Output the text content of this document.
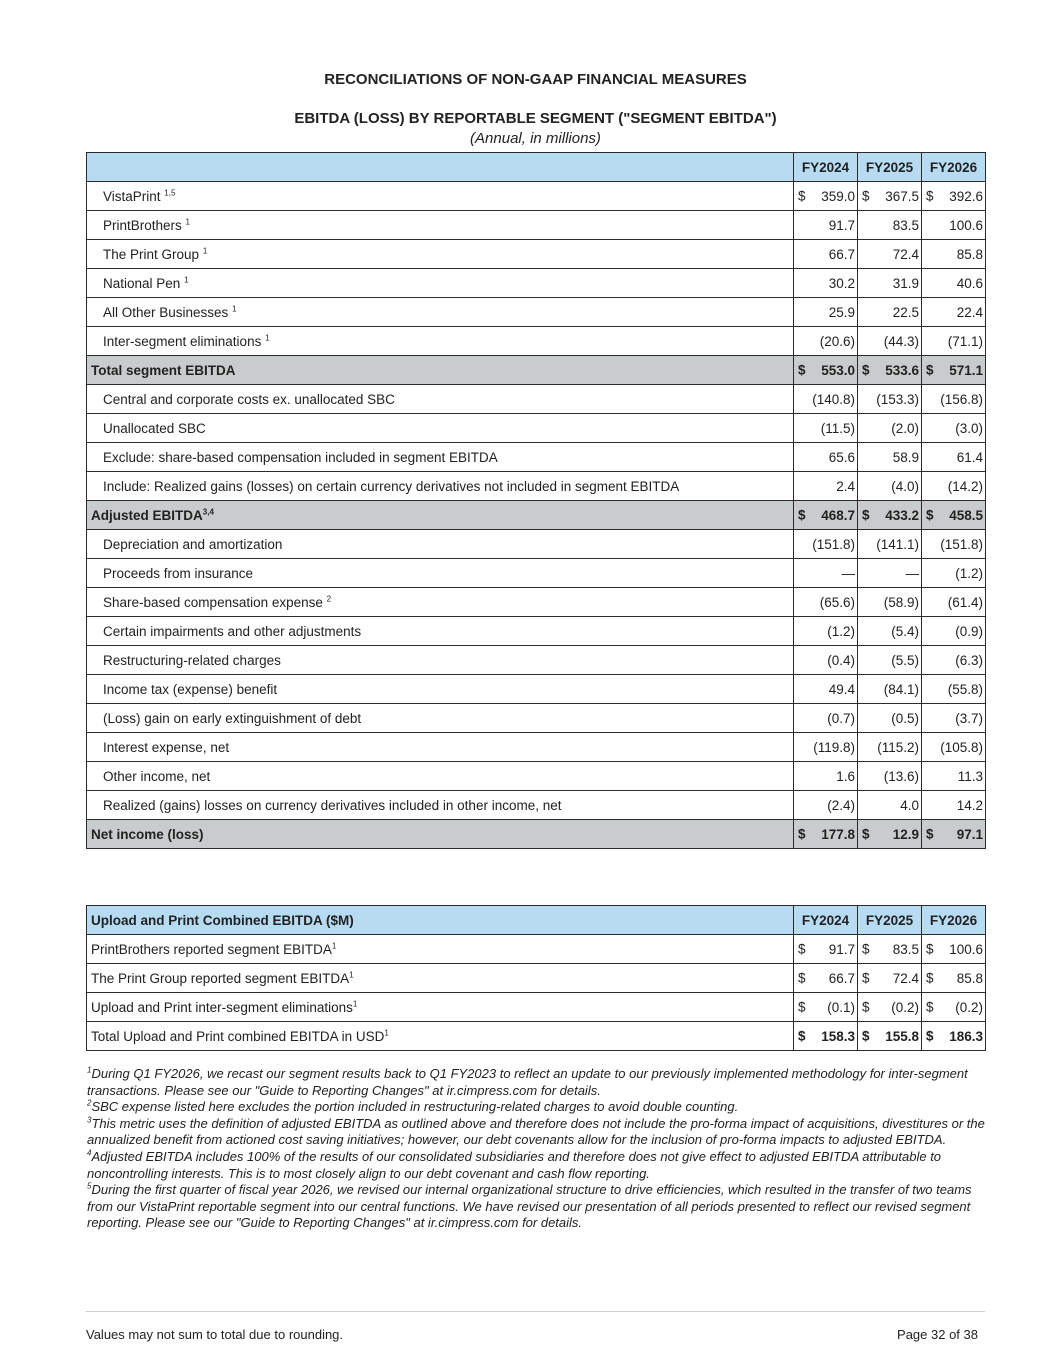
RECONCILIATIONS OF NON-GAAP FINANCIAL MEASURES
EBITDA (LOSS) BY REPORTABLE SEGMENT ("SEGMENT EBITDA")
(Annual, in millions)
	FY2024	FY2025	FY2026
VistaPrint $^{1,5}$	$ 359.0	$ 367.5	$ 392.6
PrintBrothers $^1$	91.7	83.5	100.6
The Print Group $^1$	66.7	72.4	85.8
National Pen $^1$	30.2	31.9	40.6
All Other Businesses $^1$	25.9	22.5	22.4
Inter-segment eliminations $^1$	(20.6)	(44.3)	(71.1)
Total segment EBITDA	$ 553.0	$ 533.6	$ 571.1
Central and corporate costs ex. unallocated SBC	(140.8)	(153.3)	(156.8)
Unallocated SBC	(11.5)	(2.0)	(3.0)
Exclude: share-based compensation included in segment EBITDA	65.6	58.9	61.4
Include: Realized gains (losses) on certain currency derivatives not included in segment EBITDA	2.4	(4.0)	(14.2)
Adjusted EBITDA$^{3,4}$	$ 468.7	$ 433.2	$ 458.5
Depreciation and amortization	(151.8)	(141.1)	(151.8)
Proceeds from insurance	—	—	(1.2)
Share-based compensation expense $^2$	(65.6)	(58.9)	(61.4)
Certain impairments and other adjustments	(1.2)	(5.4)	(0.9)
Restructuring-related charges	(0.4)	(5.5)	(6.3)
Income tax (expense) benefit	49.4	(84.1)	(55.8)
(Loss) gain on early extinguishment of debt	(0.7)	(0.5)	(3.7)
Interest expense, net	(119.8)	(115.2)	(105.8)
Other income, net	1.6	(13.6)	11.3
Realized (gains) losses on currency derivatives included in other income, net	(2.4)	4.0	14.2
Net income (loss)	$ 177.8	$ 12.9	$ 97.1
Upload and Print Combined EBITDA ($M)	FY2024	FY2025	FY2026
PrintBrothers reported segment EBITDA$^1$	$ 91.7	$ 83.5	$ 100.6
The Print Group reported segment EBITDA$^1$	$ 66.7	$ 72.4	$ 85.8
Upload and Print inter-segment eliminations$^1$	$ (0.1)	$ (0.2)	$ (0.2)
Total Upload and Print combined EBITDA in USD$^1$	$ 158.3	$ 155.8	$ 186.3

$^1$During Q1 FY2026, we recast our segment results back to Q1 FY2023 to reflect an update to our previously implemented methodology for inter-segment transactions. Please see our "Guide to Reporting Changes" at ir.cimpress.com for details.

$^2$SBC expense listed here excludes the portion included in restructuring-related charges to avoid double counting.

$^3$This metric uses the definition of adjusted EBITDA as outlined above and therefore does not include the pro-forma impact of acquisitions, divestitures or the annualized benefit from actioned cost saving initiatives; however, our debt covenants allow for the inclusion of pro-forma impacts to adjusted EBITDA.

$^4$Adjusted EBITDA includes 100% of the results of our consolidated subsidiaries and therefore does not give effect to adjusted EBITDA attributable to noncontrolling interests. This is to most closely align to our debt covenant and cash flow reporting.

$^5$During the first quarter of fiscal year 2026, we revised our internal organizational structure to drive efficiencies, which resulted in the transfer of two teams from our VistaPrint reportable segment into our central functions. We have revised our presentation of all periods presented to reflect our revised segment reporting. Please see our "Guide to Reporting Changes" at ir.cimpress.com for details.

Values may not sum to total due to rounding.	Page 32 of 38
